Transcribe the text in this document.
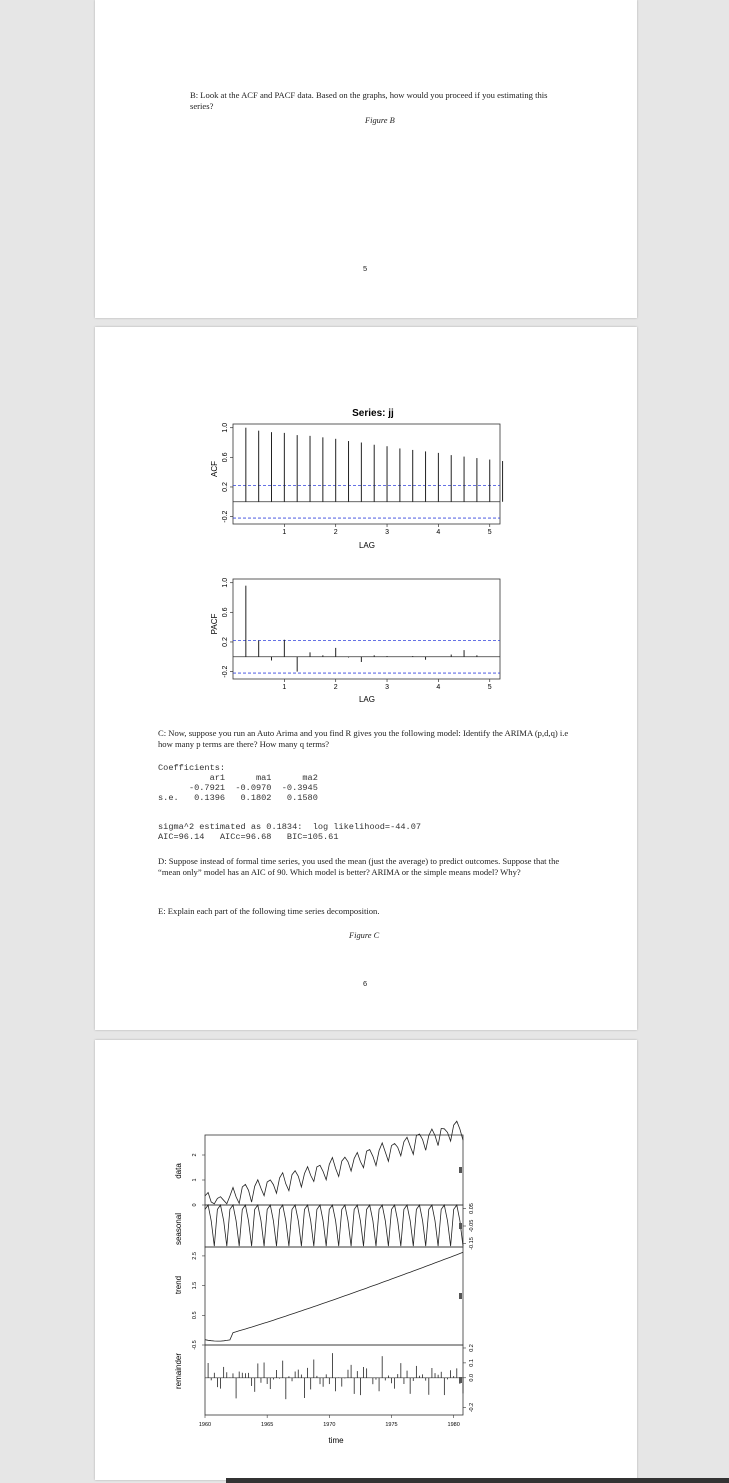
B: Look at the ACF and PACF data. Based on the graphs, how would you proceed if you estimating this series?
Figure B
5
1	2	3	4	5
-0.2
0.2
0.6
1.0
1	2	3	4	5
-0.2
0.2
0.6
1.0
Series: jj
ACF
LAG
PACF
LAG
C: Now, suppose you run an Auto Arima and you find R gives you the following model: Identify the ARIMA (p,d,q) i.e how many p terms are there? How many q terms?
Coefficients:
ar1      ma1      ma2
-0.7921  -0.0970  -0.3945
s.e.   0.1396   0.1802   0.1580
sigma^2 estimated as 0.1834:  log likelihood=-44.07
AIC=96.14   AICc=96.68   BIC=105.61
D: Suppose instead of formal time series, you used the mean (just the average) to predict outcomes. Suppose that the “mean only” model has an AIC of 90. Which model is better? ARIMA or the simple means model? Why?
E: Explain each part of the following time series decomposition.
Figure C
6
0
1
2
-0.15
-0.05
0.05
-0.5
0.5
1.5
2.5
-0.2
0.0
0.1
0.2
1960	1965	1970	1975	1980
data
seasonal
trend
remainder
time
